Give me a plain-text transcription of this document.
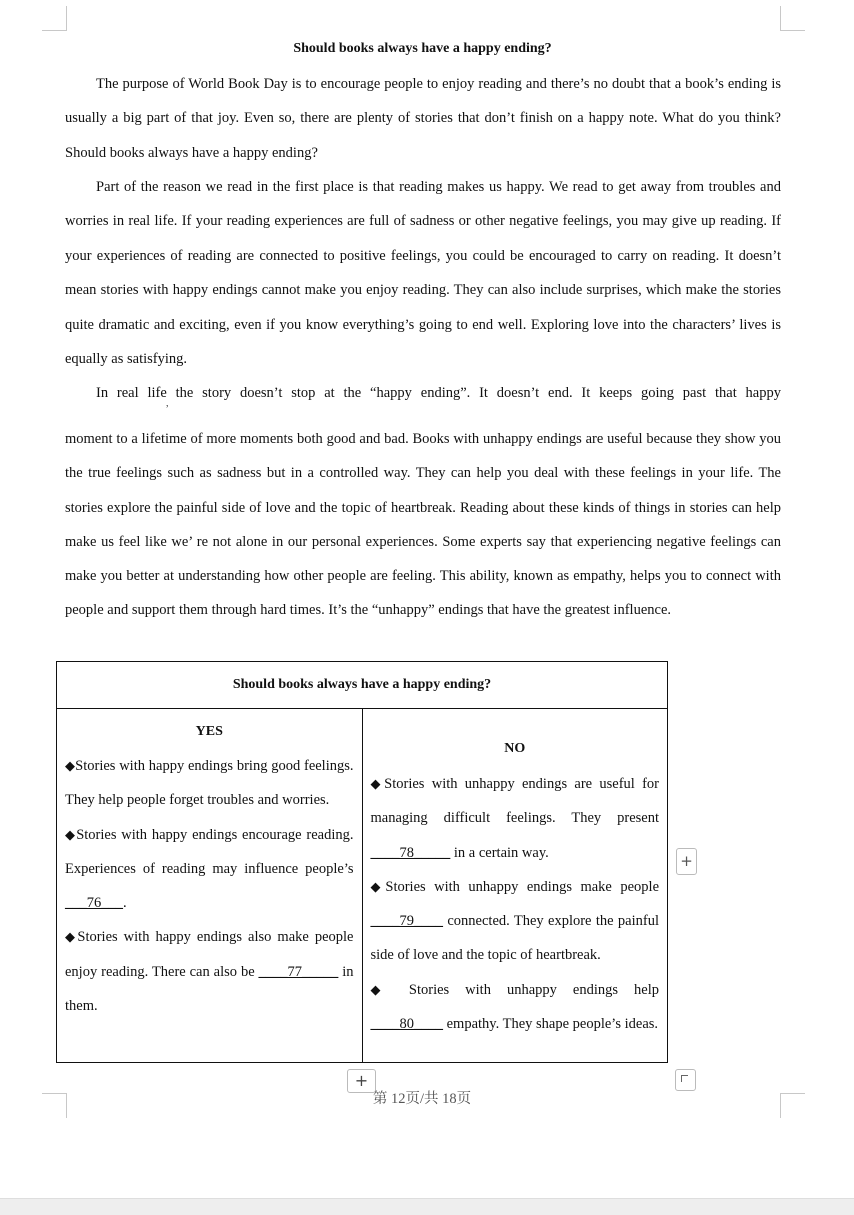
Should books always have a happy ending?

The purpose of World Book Day is to encourage people to enjoy reading and there’s no doubt that a book’s ending is usually a big part of that joy. Even so, there are plenty of stories that don’t finish on a happy note. What do you think? Should books always have a happy ending?

Part of the reason we read in the first place is that reading makes us happy. We read to get away from troubles and worries in real life. If your reading experiences are full of sadness or other negative feelings, you may give up reading. If your experiences of reading are connected to positive feelings, you could be encouraged to carry on reading. It doesn’t mean stories with happy endings cannot make you enjoy reading. They can also include surprises, which make the stories quite dramatic and exciting, even if you know everything’s going to end well. Exploring love into the characters’ lives is equally as satisfying.

In real life the story doesn’t stop at the “happy ending”. It doesn’t end. It keeps going past that happy

,

moment to a lifetime of more moments both good and bad. Books with unhappy endings are useful because they show you the true feelings such as sadness but in a controlled way. They can help you deal with these feelings in your life. The stories explore the painful side of love and the topic of heartbreak. Reading about these kinds of things in stories can help make us feel like we’ re not alone in our personal experiences. Some experts say that experiencing negative feelings can make you better at understanding how other people are feeling. This ability, known as empathy, helps you to connect with people and support them through hard times. It’s the “unhappy” endings that have the greatest influence.

Should books always have a happy ending?

YES
◆Stories with happy endings bring good feelings. They help people forget troubles and worries.
◆Stories with happy endings encourage reading. Experiences of reading may influence people’s ___76___.
◆Stories with happy endings also make people enjoy reading. There can also be ____77_____ in them.

NO
◆Stories with unhappy endings are useful for managing difficult feelings. They present ____78_____ in a certain way.
◆Stories with unhappy endings make people ____79____ connected. They explore the painful side of love and the topic of heartbreak.
◆ Stories with unhappy endings help ____80____ empathy. They shape people’s ideas.
+
+
第 12页/共 18页
